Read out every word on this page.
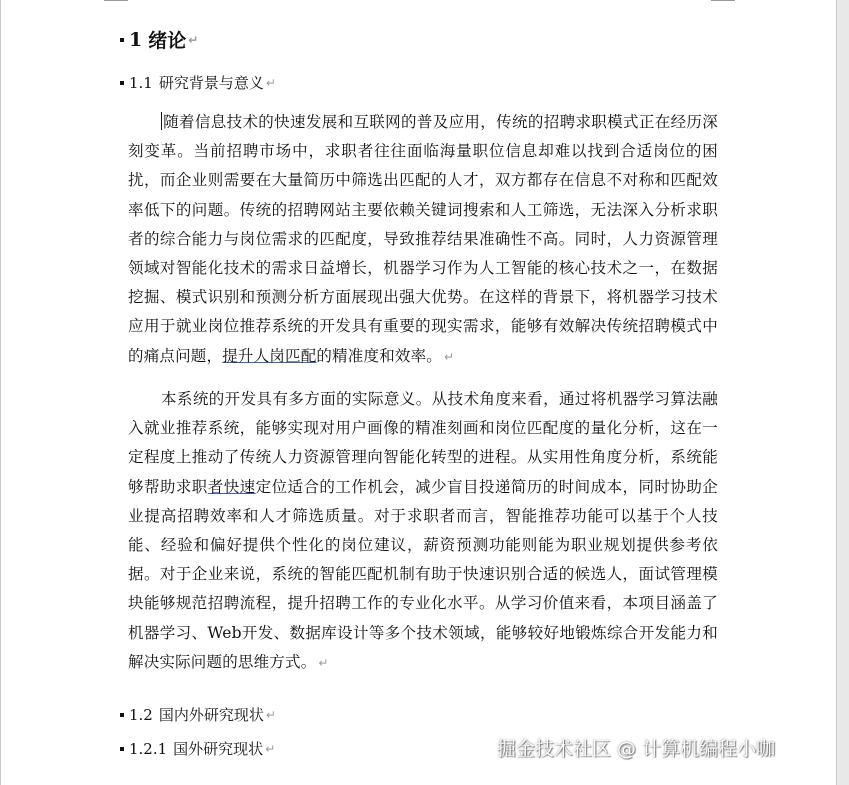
1 绪论 ↵
1.1 研究背景与意义 ↵

随着信息技术的快速发展和互联网的普及应用，传统的招聘求职模式正在经历深刻变革。当前招聘市场中，求职者往往面临海量职位信息却难以找到合适岗位的困扰，而企业则需要在大量简历中筛选出匹配的人才，双方都存在信息不对称和匹配效率低下的问题。传统的招聘网站主要依赖关键词搜索和人工筛选，无法深入分析求职者的综合能力与岗位需求的匹配度，导致推荐结果准确性不高。同时，人力资源管理领域对智能化技术的需求日益增长，机器学习作为人工智能的核心技术之一，在数据挖掘、模式识别和预测分析方面展现出强大优势。在这样的背景下，将机器学习技术应用于就业岗位推荐系统的开发具有重要的现实需求，能够有效解决传统招聘模式中的痛点问题，提升人岗匹配的精准度和效率。 ↵

本系统的开发具有多方面的实际意义。从技术角度来看，通过将机器学习算法融入就业推荐系统，能够实现对用户画像的精准刻画和岗位匹配度的量化分析，这在一定程度上推动了传统人力资源管理向智能化转型的进程。从实用性角度分析，系统能够帮助求职者快速定位适合的工作机会，减少盲目投递简历的时间成本，同时协助企业提高招聘效率和人才筛选质量。对于求职者而言，智能推荐功能可以基于个人技能、经验和偏好提供个性化的岗位建议，薪资预测功能则能为职业规划提供参考依据。对于企业来说，系统的智能匹配机制有助于快速识别合适的候选人，面试管理模块能够规范招聘流程，提升招聘工作的专业化水平。从学习价值来看，本项目涵盖了机器学习、Web开发、数据库设计等多个技术领域，能够较好地锻炼综合开发能力和解决实际问题的思维方式。 ↵

1.2 国内外研究现状 ↵
1.2.1 国外研究现状 ↵	掘金技术社区 @ 计算机编程小咖
